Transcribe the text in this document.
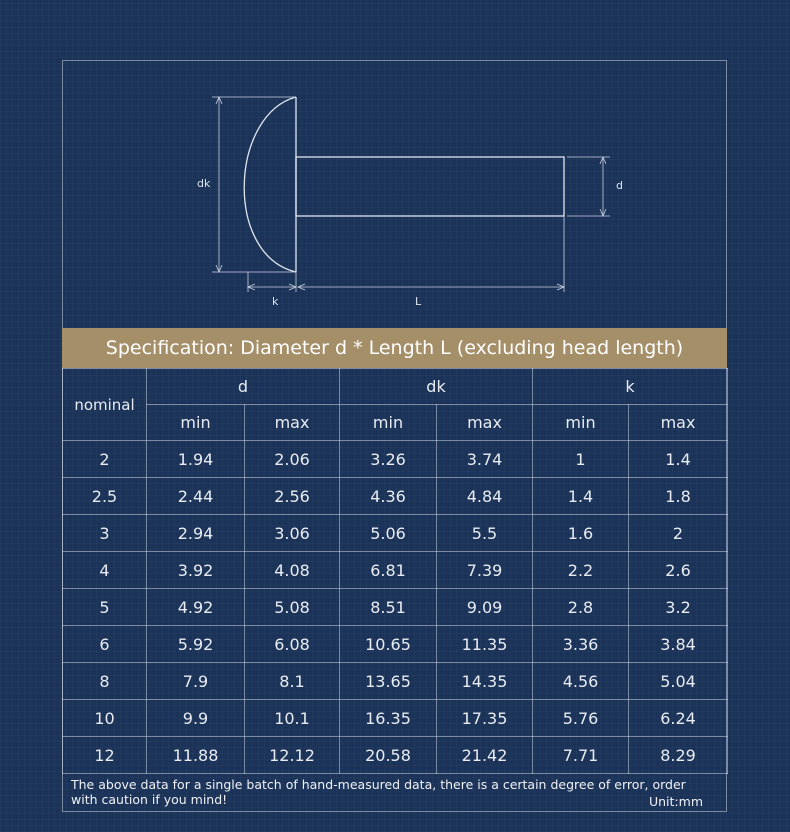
dk	d
k	L
Specification: Diameter d * Length L (excluding head length)
nominal	d		dk		k	
	min	max	min	max	min	max
2	1.94	2.06	3.26	3.74	1	1.4
2.5	2.44	2.56	4.36	4.84	1.4	1.8
3	2.94	3.06	5.06	5.5	1.6	2
4	3.92	4.08	6.81	7.39	2.2	2.6
5	4.92	5.08	8.51	9.09	2.8	3.2
6	5.92	6.08	10.65	11.35	3.36	3.84
8	7.9	8.1	13.65	14.35	4.56	5.04
10	9.9	10.1	16.35	17.35	5.76	6.24
12	11.88	12.12	20.58	21.42	7.71	8.29
The above data for a single batch of hand-measured data, there is a certain degree of error, order with caution if you mind!	Unit:mm
